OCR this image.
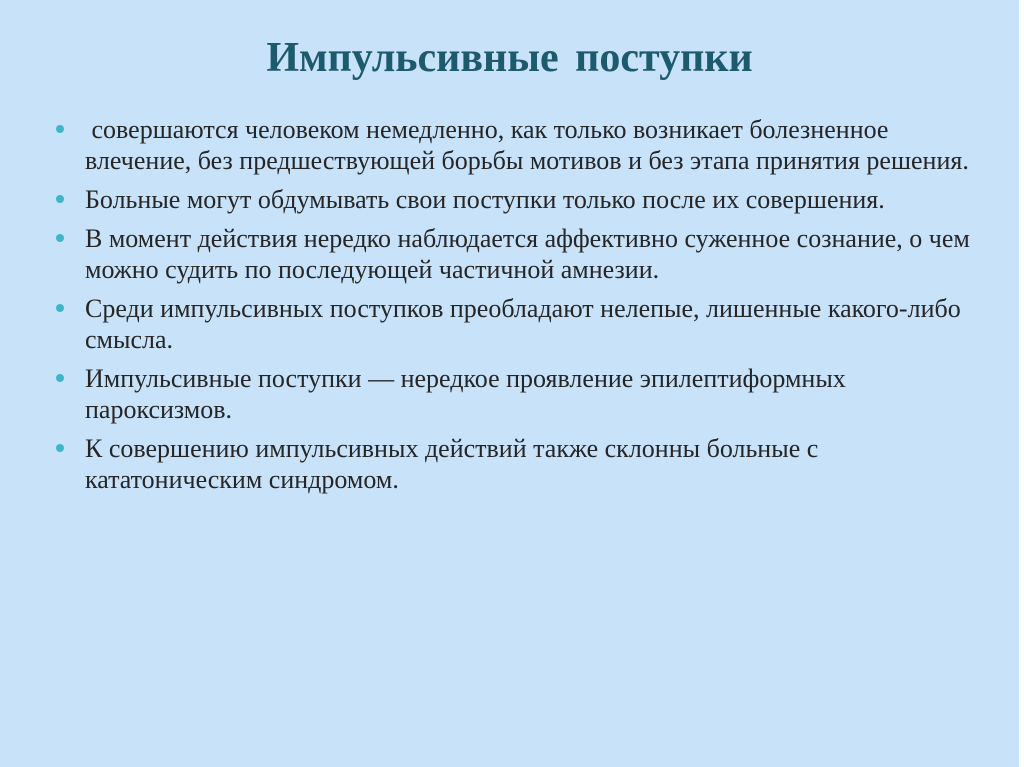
Импульсивные поступки
совершаются человеком немедленно, как только возникает болезненное влечение, без предшествующей борьбы мотивов и без этапа принятия решения.
Больные могут обдумывать свои поступки только после их совершения.
В момент действия нередко наблюдается аффективно суженное сознание, о чем можно судить по последующей частичной амнезии.
Среди импульсивных поступков преобладают нелепые, лишенные какого-либо смысла.
Импульсивные поступки — нередкое проявление эпилептиформных пароксизмов.
К совершению импульсивных действий также склонны больные с кататоническим синдромом.
